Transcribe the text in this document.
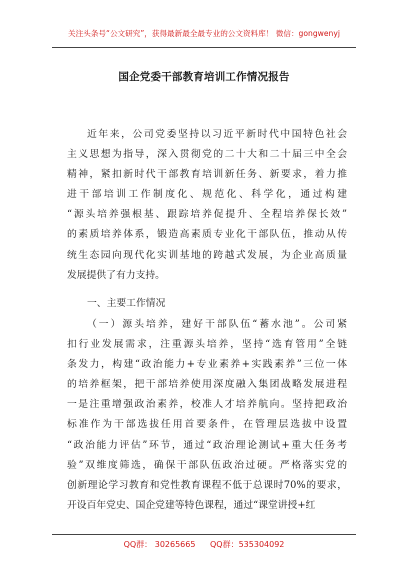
关注头条号“公文研究”，获得最新最全最专业的公文资料库！ 微信：gongwenyj
国企党委干部教育培训工作情况报告
近年来，公司党委坚持以习近平新时代中国特色社会
主义思想为指导，深入贯彻党的二十大和二十届三中全会
精神，紧扣新时代干部教育培训新任务、新要求，着力推
进干部培训工作制度化、规范化、科学化，通过构建
“源头培养强根基、跟踪培养促提升、全程培养保长效”
的素质培养体系，锻造高素质专业化干部队伍，推动从传
统生态园向现代化实训基地的跨越式发展，为企业高质量
发展提供了有力支持。
一、主要工作情况
（一）源头培养，建好干部队伍“蓄水池”。公司紧
扣行业发展需求，注重源头培养，坚持“选育管用”全链
条发力，构建“政治能力+专业素养+实践素养”三位一体
的培养框架，把干部培养使用深度融入集团战略发展进程
一是注重增强政治素养，校准人才培养航向。坚持把政治
标准作为干部选拔任用首要条件，在管理层选拔中设置
“政治能力评估”环节，通过“政治理论测试+重大任务考
验”双维度筛选，确保干部队伍政治过硬。严格落实党的
创新理论学习教育和党性教育课程不低于总课时70%的要求，
开设百年党史、国企党建等特色课程，通过“课堂讲授+红
QQ群： 30265665 QQ群：535304092
